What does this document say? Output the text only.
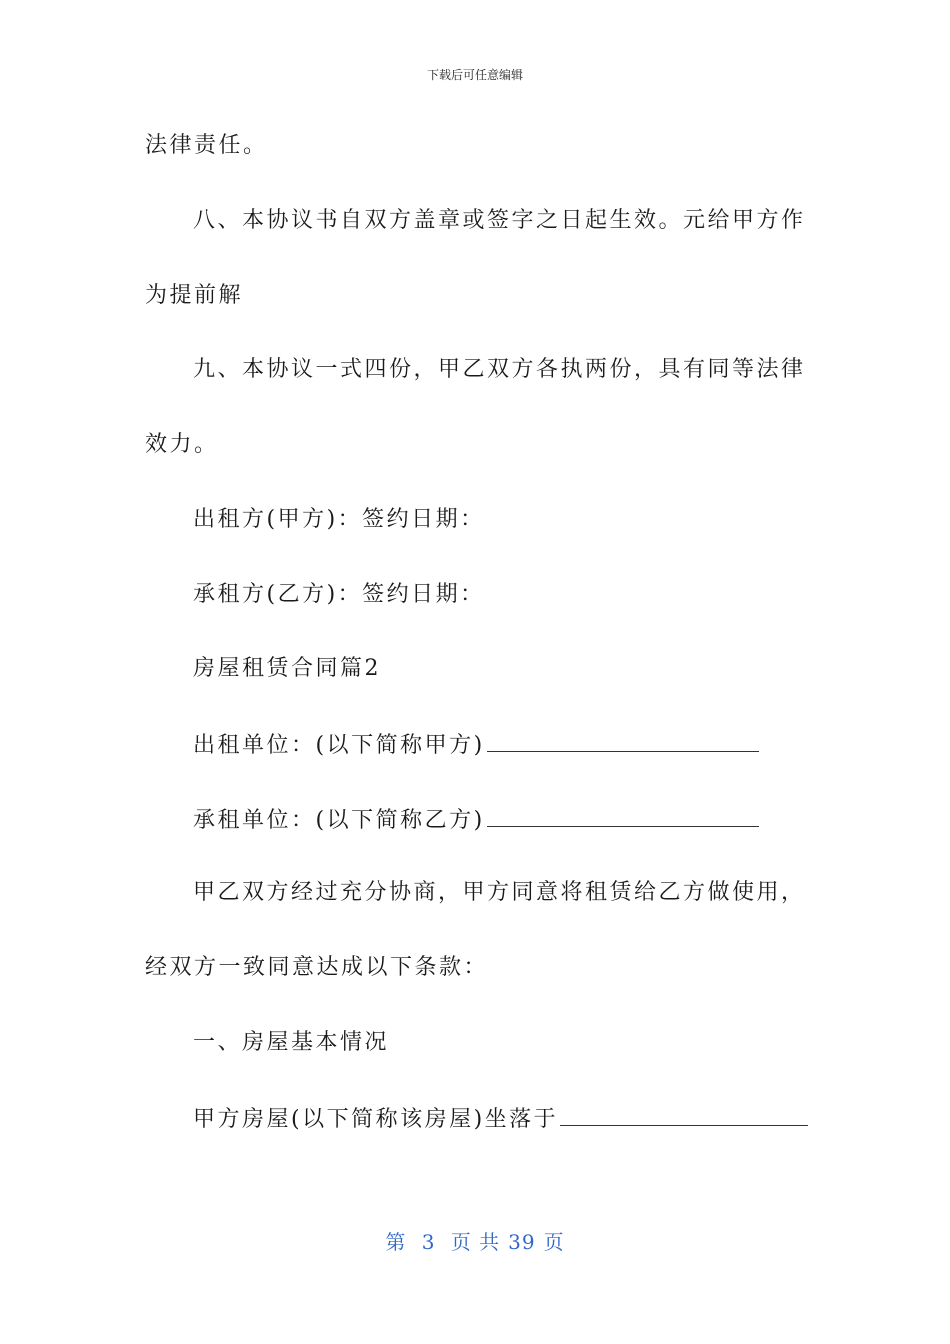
下载后可任意编辑
法律责任。
八、本协议书自双方盖章或签字之日起生效。元给甲方作
为提前解
九、本协议一式四份，甲乙双方各执两份，具有同等法律
效力。
出租方(甲方)：签约日期：
承租方(乙方)：签约日期：
房屋租赁合同篇2
出租单位：(以下简称甲方)
承租单位：(以下简称乙方)
甲乙双方经过充分协商，甲方同意将租赁给乙方做使用，
经双方一致同意达成以下条款：
一、房屋基本情况
甲方房屋(以下简称该房屋)坐落于
第 3 页 共 39 页
